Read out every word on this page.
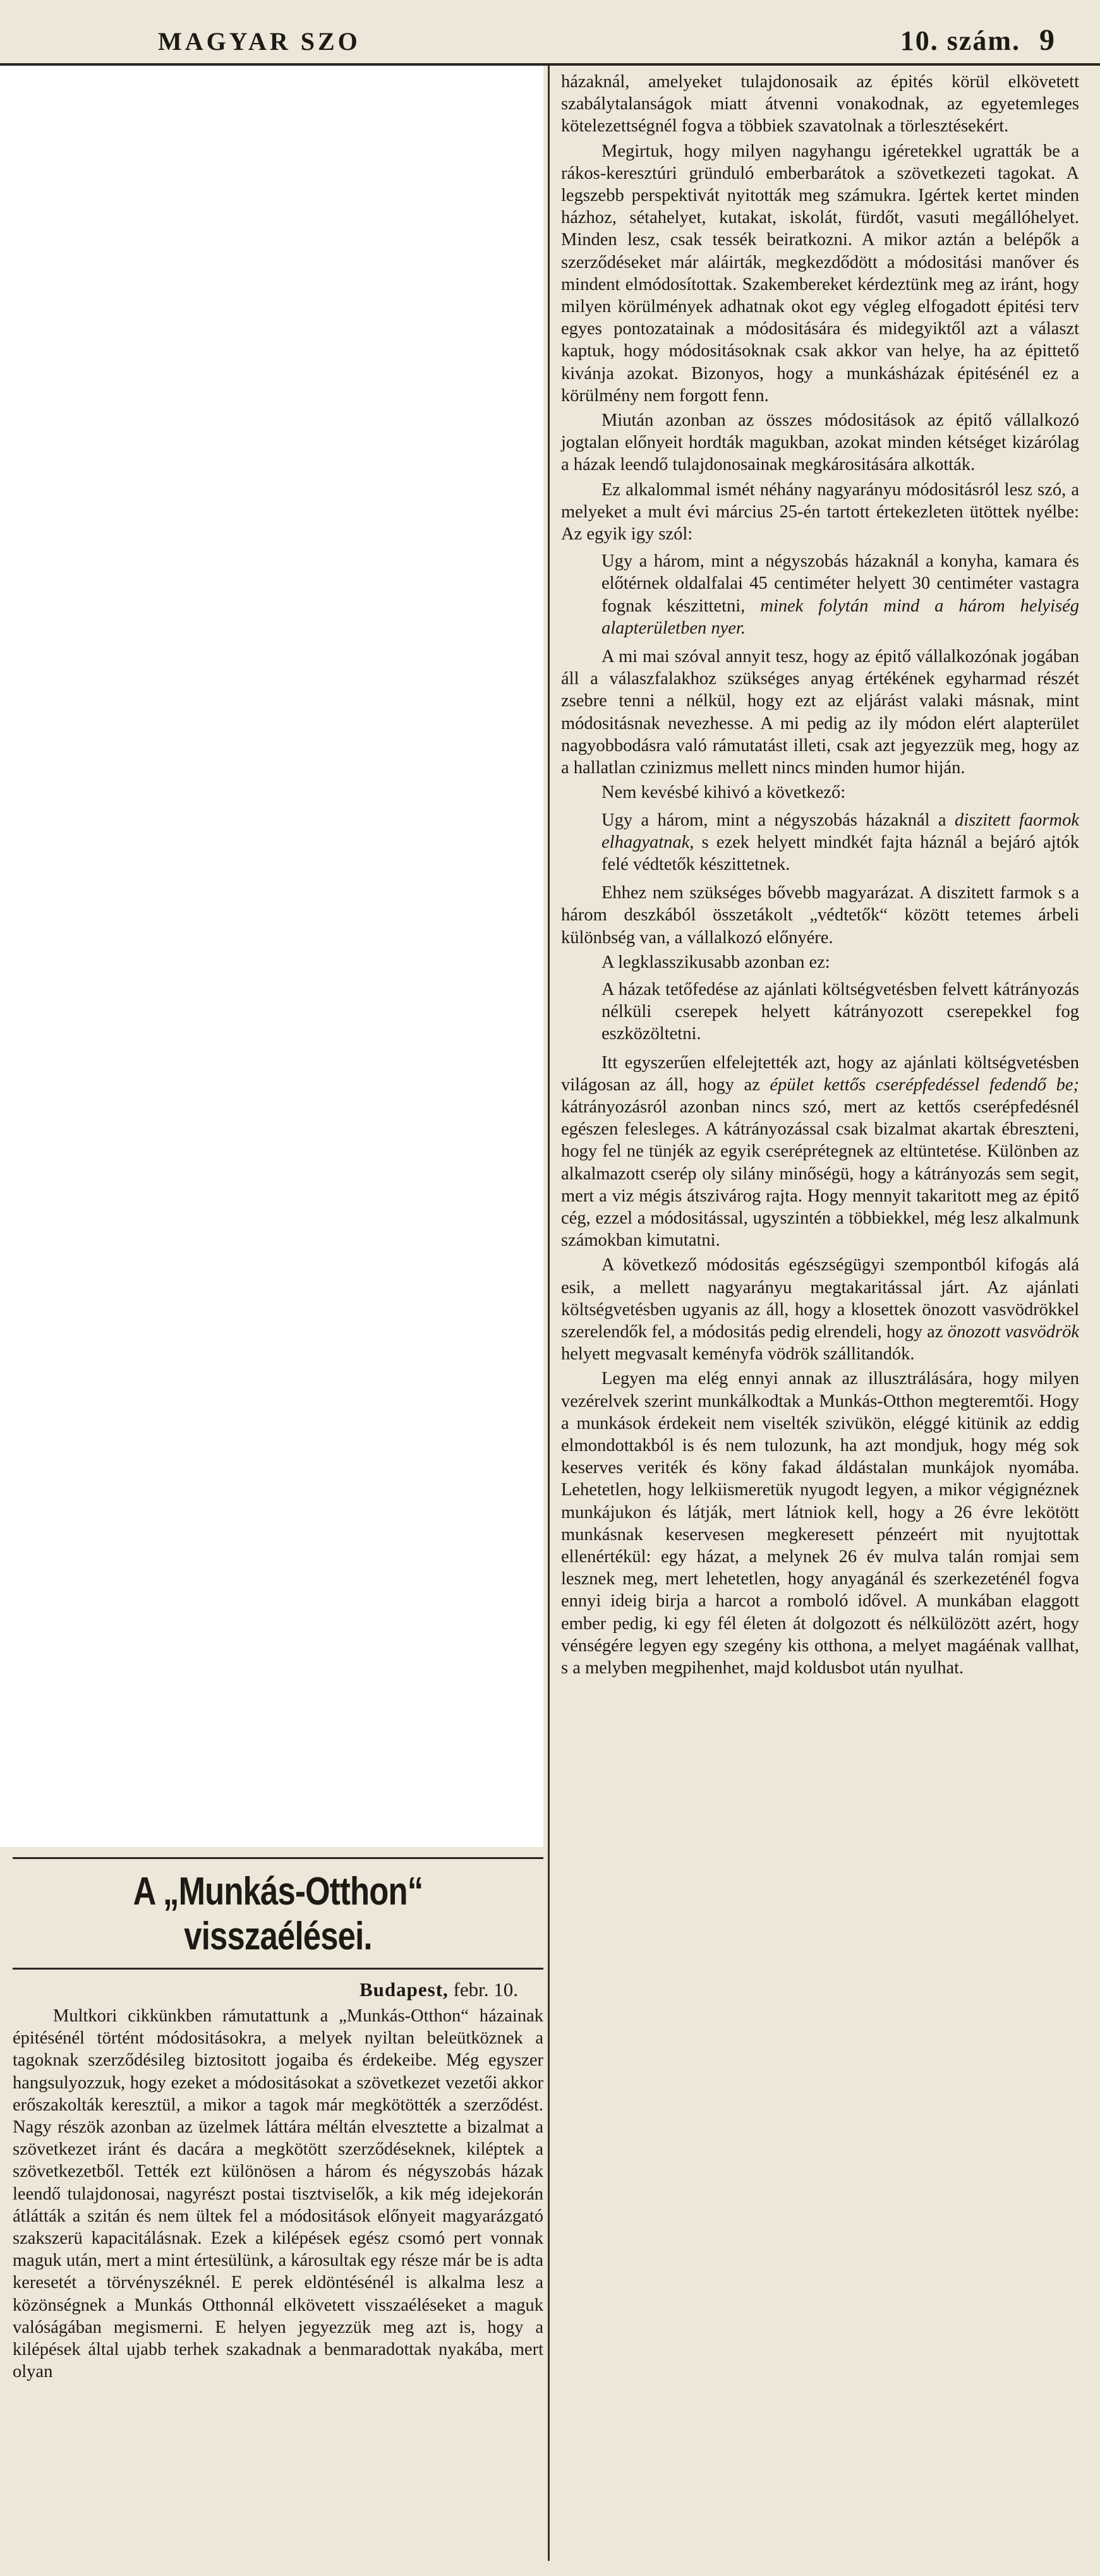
MAGYAR SZO	10. szám. 9
A „Munkás-Otthon“ visszaélései.
Budapest, febr. 10.

Multkori cikkünkben rámutattunk a „Munkás-Otthon“ házainak épitésénél történt módositásokra, a melyek nyiltan beleütköznek a tagoknak szerződésileg biztositott jogaiba és érdekeibe. Még egyszer hangsulyozzuk, hogy ezeket a módositásokat a szövetkezet vezetői akkor erőszakolták keresztül, a mikor a tagok már megkötötték a szerződést. Nagy részök azonban az üzelmek láttára méltán elvesztette a bizalmat a szövetkezet iránt és dacára a megkötött szerződéseknek, kiléptek a szövetkezetből. Tették ezt különösen a három és négyszobás házak leendő tulajdonosai, nagyrészt postai tisztviselők, a kik még idejekorán átlátták a szitán és nem ültek fel a módositások előnyeit magyarázgató szakszerü kapacitálásnak. Ezek a kilépések egész csomó pert vonnak maguk után, mert a mint értesülünk, a károsultak egy része már be is adta keresetét a törvényszéknél. E perek eldöntésénél is alkalma lesz a közönségnek a Munkás Otthonnál elkövetett visszaéléseket a maguk valóságában megismerni. E helyen jegyezzük meg azt is, hogy a kilépések által ujabb terhek szakadnak a benmaradottak nyakába, mert olyan

házaknál, amelyeket tulajdonosaik az épités körül elkövetett szabálytalanságok miatt átvenni vonakodnak, az egyetemleges kötelezettségnél fogva a többiek szavatolnak a törlesztésekért.

Megirtuk, hogy milyen nagyhangu igéretekkel ugratták be a rákos-keresztúri gründuló emberbarátok a szövetkezeti tagokat. A legszebb perspektivát nyitották meg számukra. Igértek kertet minden házhoz, sétahelyet, kutakat, iskolát, fürdőt, vasuti megállóhelyet. Minden lesz, csak tessék beiratkozni. A mikor aztán a belépők a szerződéseket már aláirták, megkezdődött a módositási manőver és mindent elmódosítottak. Szakembereket kérdeztünk meg az iránt, hogy milyen körülmények adhatnak okot egy végleg elfogadott épitési terv egyes pontozatainak a módositására és midegyiktől azt a választ kaptuk, hogy módositásoknak csak akkor van helye, ha az épittető kivánja azokat. Bizonyos, hogy a munkásházak épitésénél ez a körülmény nem forgott fenn.

Miután azonban az összes módositások az épitő vállalkozó jogtalan előnyeit hordták magukban, azokat minden kétséget kizárólag a házak leendő tulajdonosainak megkárositására alkották.

Ez alkalommal ismét néhány nagyarányu módositásról lesz szó, a melyeket a mult évi március 25-én tartott értekezleten ütöttek nyélbe: Az egyik igy szól:

Ugy a három, mint a négyszobás házaknál a konyha, kamara és előtérnek oldalfalai 45 centiméter helyett 30 centiméter vastagra fognak készittetni, minek folytán mind a három helyiség alapterületben nyer.

A mi mai szóval annyit tesz, hogy az épitő vállalkozónak jogában áll a válaszfalakhoz szükséges anyag értékének egyharmad részét zsebre tenni a nélkül, hogy ezt az eljárást valaki másnak, mint módositásnak nevezhesse. A mi pedig az ily módon elért alapterület nagyobbodásra való rámutatást illeti, csak azt jegyezzük meg, hogy az a hallatlan czinizmus mellett nincs minden humor hiján.

Nem kevésbé kihivó a következő:

Ugy a három, mint a négyszobás házaknál a diszitett faormok elhagyatnak, s ezek helyett mindkét fajta háznál a bejáró ajtók felé védtetők készittetnek.

Ehhez nem szükséges bővebb magyarázat. A diszitett farmok s a három deszkából összetákolt „védtetők“ között tetemes árbeli különbség van, a vállalkozó előnyére.

A legklasszikusabb azonban ez:

A házak tetőfedése az ajánlati költségvetésben felvett kátrányozás nélküli cserepek helyett kátrányozott cserepekkel fog eszközöltetni.

Itt egyszerűen elfelejtették azt, hogy az ajánlati költségvetésben világosan az áll, hogy az épület kettős cserépfedéssel fedendő be; kátrányozásról azonban nincs szó, mert az kettős cserépfedésnél egészen felesleges. A kátrányozással csak bizalmat akartak ébreszteni, hogy fel ne tünjék az egyik cseréprétegnek az eltüntetése. Különben az alkalmazott cserép oly silány minőségü, hogy a kátrányozás sem segit, mert a viz mégis átszivárog rajta. Hogy mennyit takaritott meg az épitő cég, ezzel a módositással, ugyszintén a többiekkel, még lesz alkalmunk számokban kimutatni.

A következő módositás egészségügyi szempontból kifogás alá esik, a mellett nagyarányu megtakaritással járt. Az ajánlati költségvetésben ugyanis az áll, hogy a klosettek önozott vasvödrökkel szerelendők fel, a módositás pedig elrendeli, hogy az önozott vasvödrök helyett megvasalt keményfa vödrök szállitandók.

Legyen ma elég ennyi annak az illusztrálására, hogy milyen vezérelvek szerint munkálkodtak a Munkás-Otthon megteremtői. Hogy a munkások érdekeit nem viselték szivükön, eléggé kitünik az eddig elmondottakból is és nem tulozunk, ha azt mondjuk, hogy még sok keserves veriték és köny fakad áldástalan munkájok nyomába. Lehetetlen, hogy lelkiismeretük nyugodt legyen, a mikor végignéznek munkájukon és látják, mert látniok kell, hogy a 26 évre lekötött munkásnak keservesen megkeresett pénzeért mit nyujtottak ellenértékül: egy házat, a melynek 26 év mulva talán romjai sem lesznek meg, mert lehetetlen, hogy anyagánál és szerkezeténél fogva ennyi ideig birja a harcot a romboló idővel. A munkában elaggott ember pedig, ki egy fél életen át dolgozott és nélkülözött azért, hogy vénségére legyen egy szegény kis otthona, a melyet magáénak vallhat, s a melyben megpihenhet, majd koldusbot után nyulhat.
